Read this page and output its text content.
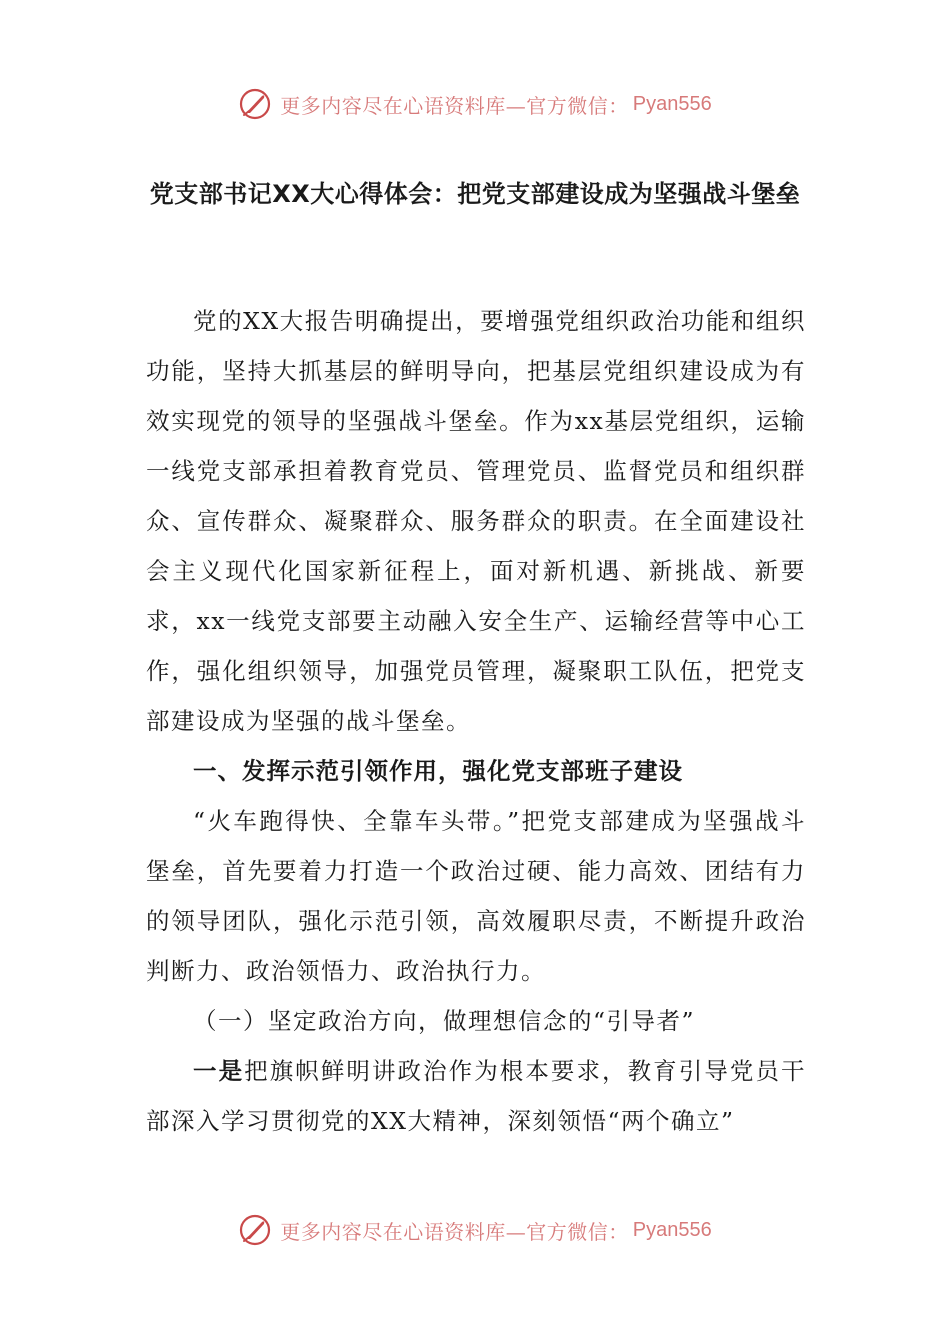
更多内容尽在心语资料库—官方微信： Pyan556
党支部书记XX大心得体会：把党支部建设成为坚强战斗堡垒

党的XX大报告明确提出，要增强党组织政治功能和组织功能，坚持大抓基层的鲜明导向，把基层党组织建设成为有效实现党的领导的坚强战斗堡垒。作为xx基层党组织，运输一线党支部承担着教育党员、管理党员、监督党员和组织群众、宣传群众、凝聚群众、服务群众的职责。在全面建设社会主义现代化国家新征程上，面对新机遇、新挑战、新要求，xx一线党支部要主动融入安全生产、运输经营等中心工作，强化组织领导，加强党员管理，凝聚职工队伍，把党支部建设成为坚强的战斗堡垒。

一、发挥示范引领作用，强化党支部班子建设

“火车跑得快、全靠车头带。”把党支部建成为坚强战斗堡垒，首先要着力打造一个政治过硬、能力高效、团结有力的领导团队，强化示范引领，高效履职尽责，不断提升政治判断力、政治领悟力、政治执行力。

（一）坚定政治方向，做理想信念的“引导者”

一是把旗帜鲜明讲政治作为根本要求，教育引导党员干部深入学习贯彻党的XX大精神，深刻领悟“两个确立”

更多内容尽在心语资料库—官方微信： Pyan556
